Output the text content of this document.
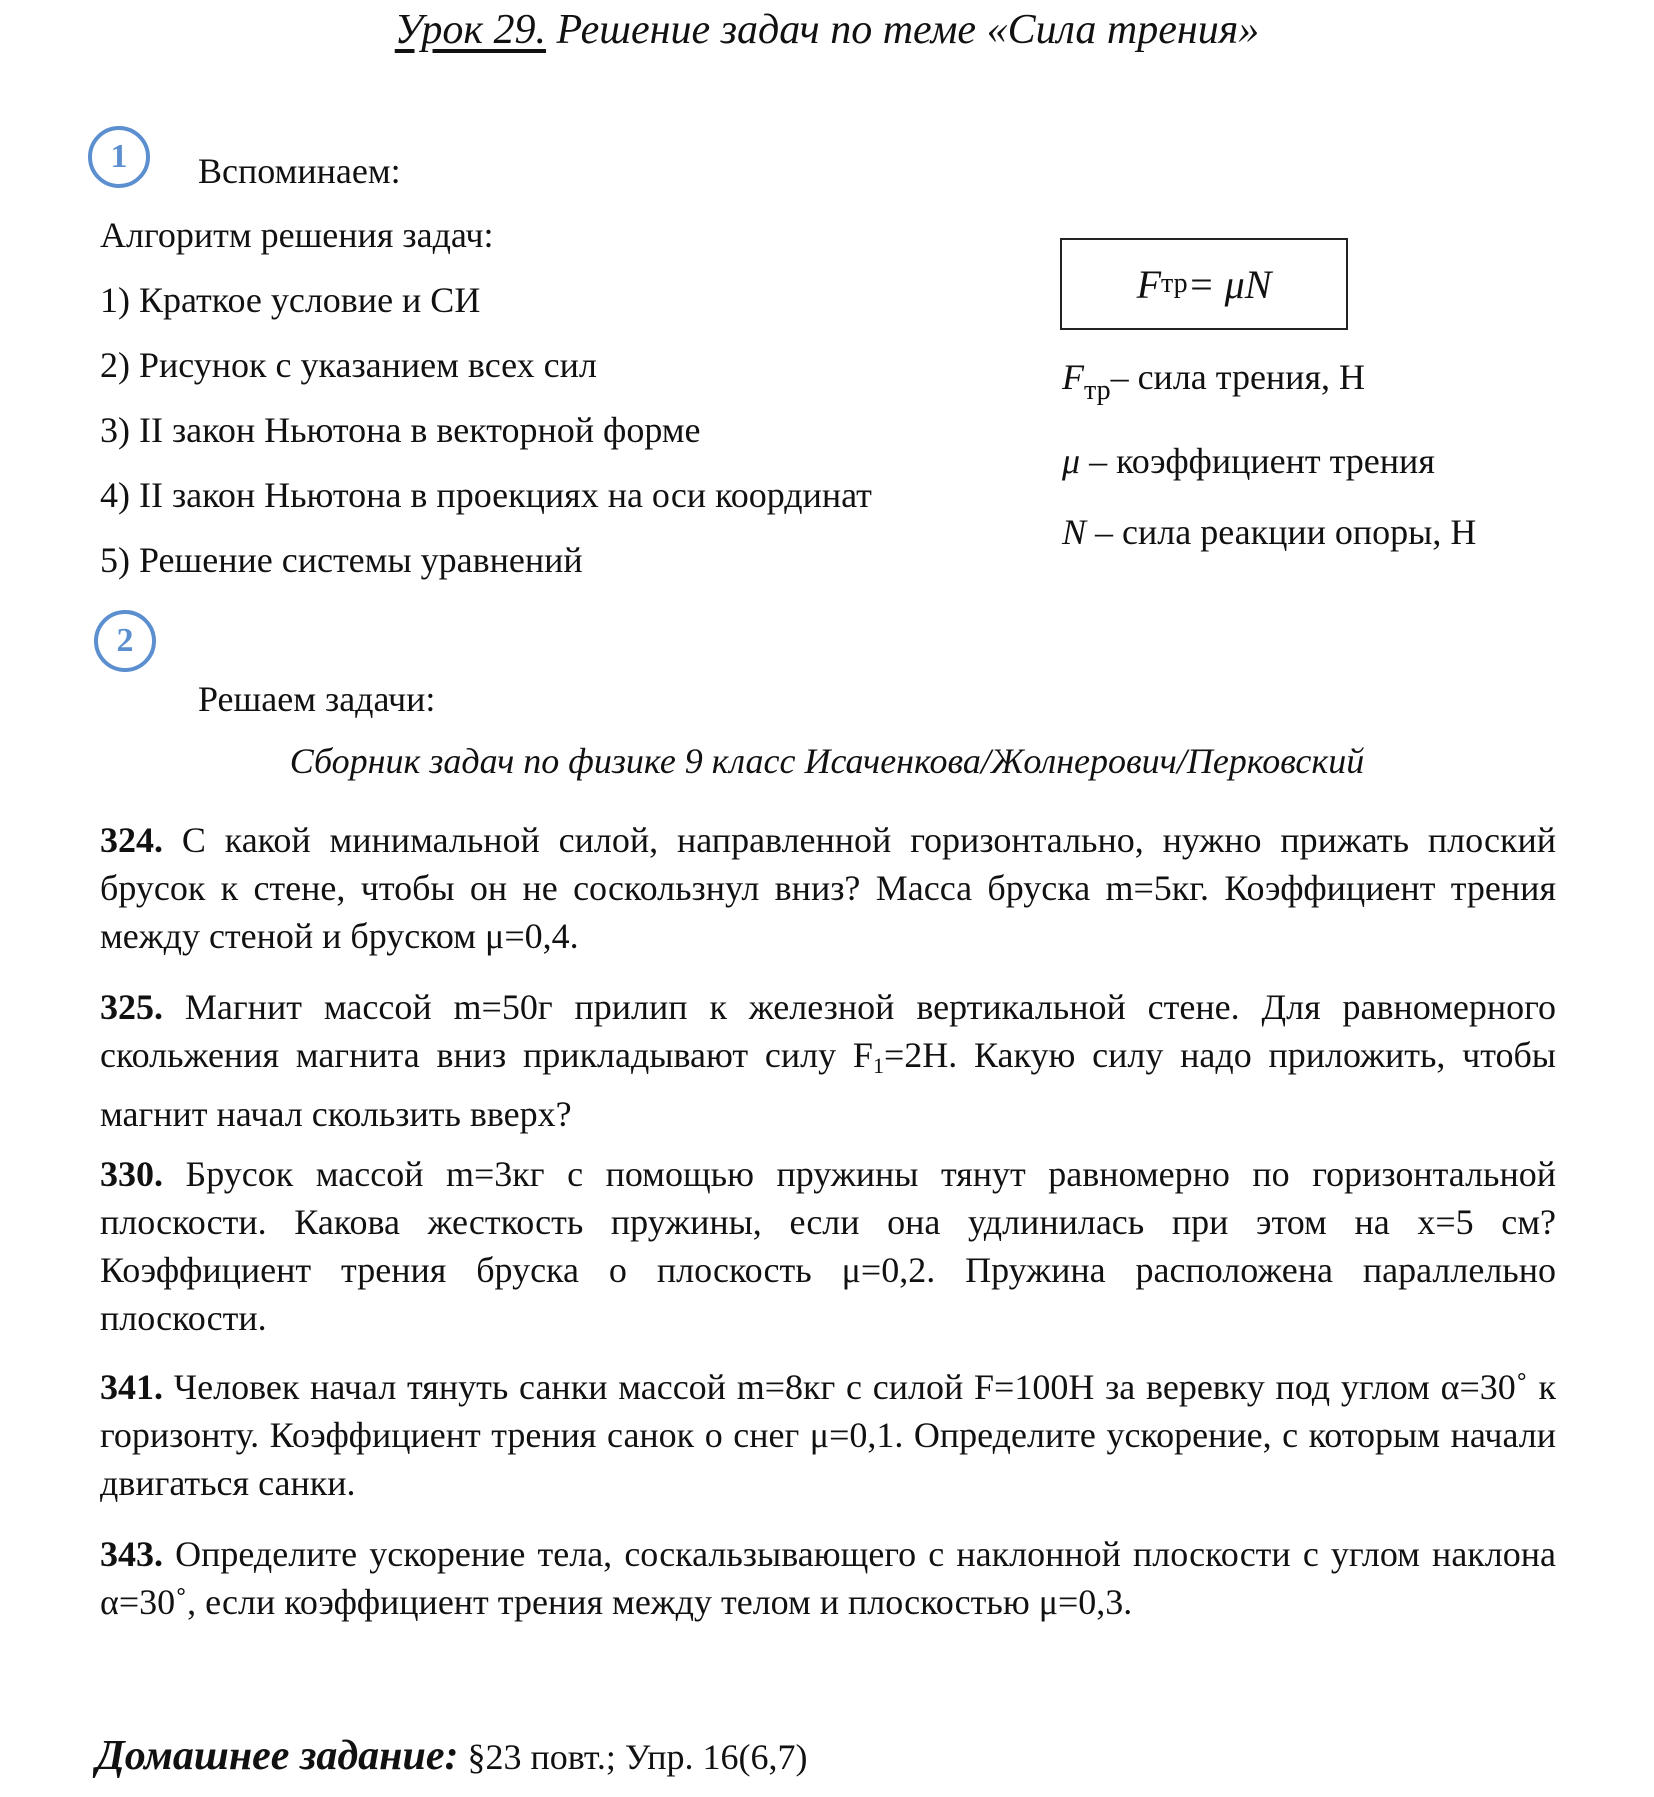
Урок 29. Решение задач по теме «Сила трения»
1 Вспоминаем:
Алгоритм решения задач:
1) Краткое условие и СИ
2) Рисунок с указанием всех сил
3) II закон Ньютона в векторной форме
4) II закон Ньютона в проекциях на оси координат
5) Решение системы уравнений
F тр = μN
$F_{тр}-$ сила трения, Н
μ – коэффициент трения
N – сила реакции опоры, Н
2
Решаем задачи:
Сборник задач по физике 9 класс Исаченкова/Жолнерович/Перковский
324. С какой минимальной силой, направленной горизонтально, нужно прижать плоский брусок к стене, чтобы он не соскользнул вниз? Масса бруска m=5кг. Коэффициент трения между стеной и бруском μ=0,4.
325. Магнит массой m=50г прилип к железной вертикальной стене. Для равномерного скольжения магнита вниз прикладывают силу F1=2Н. Какую силу надо приложить, чтобы магнит начал скользить вверх?
330. Брусок массой m=3кг с помощью пружины тянут равномерно по горизонтальной плоскости. Какова жесткость пружины, если она удлинилась при этом на x=5 см? Коэффициент трения бруска о плоскость μ=0,2. Пружина расположена параллельно плоскости.
341. Человек начал тянуть санки массой m=8кг с силой F=100Н за веревку под углом α=30˚ к горизонту. Коэффициент трения санок о снег μ=0,1. Определите ускорение, с которым начали двигаться санки.
343. Определите ускорение тела, соскальзывающего с наклонной плоскости с углом наклона α=30˚, если коэффициент трения между телом и плоскостью μ=0,3.
Домашнее задание: §23 повт.; Упр. 16(6,7)
